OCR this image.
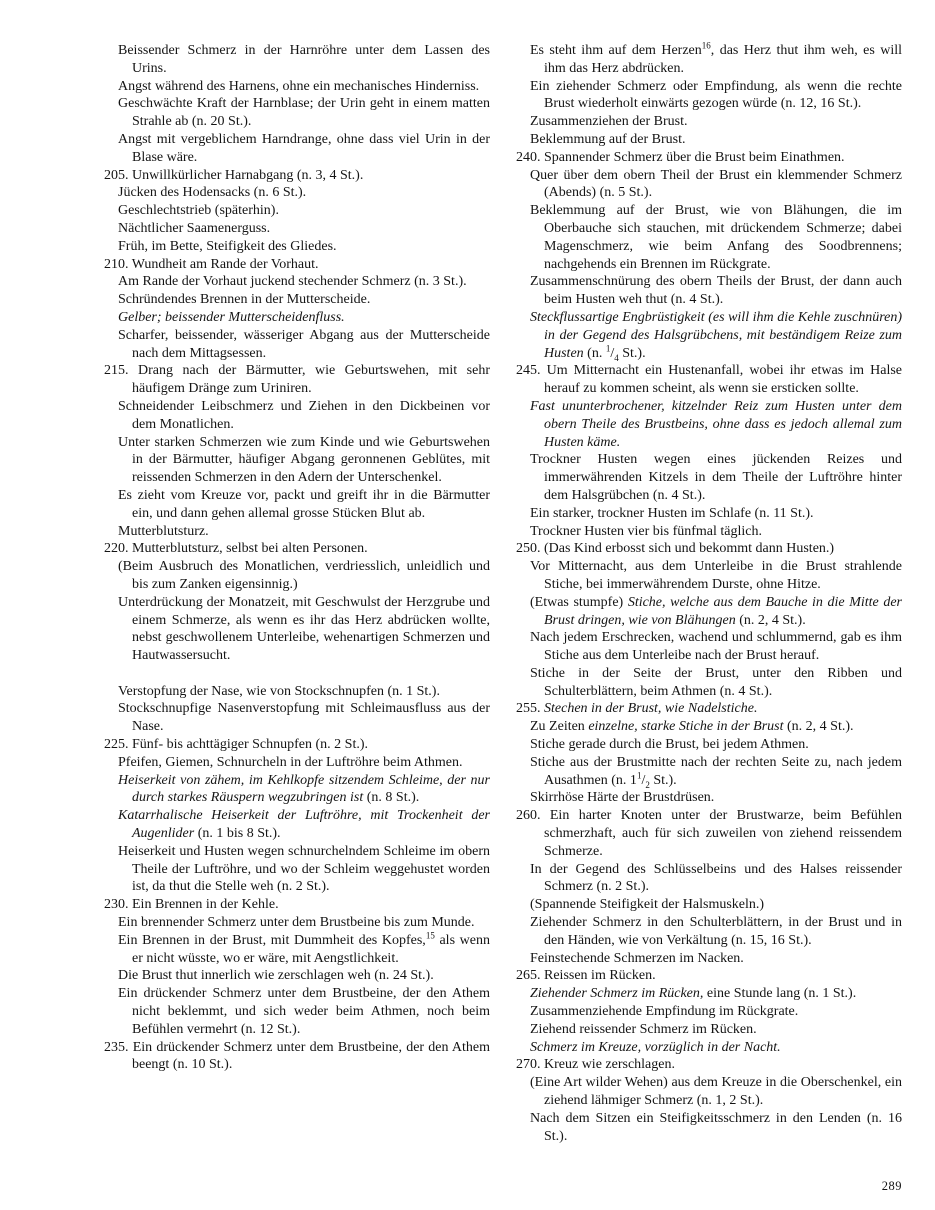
Beissender Schmerz in der Harnröhre unter dem Lassen des Urins.

Angst während des Harnens, ohne ein mechanisches Hinderniss.

Geschwächte Kraft der Harnblase; der Urin geht in einem matten Strahle ab (n. 20 St.).

Angst mit vergeblichem Harndrange, ohne dass viel Urin in der Blase wäre.

205. Unwillkürlicher Harnabgang (n. 3, 4 St.).

Jücken des Hodensacks (n. 6 St.).

Geschlechtstrieb (späterhin).

Nächtlicher Saamenerguss.

Früh, im Bette, Steifigkeit des Gliedes.

210. Wundheit am Rande der Vorhaut.

Am Rande der Vorhaut juckend stechender Schmerz (n. 3 St.).

Schründendes Brennen in der Mutterscheide.

Gelber; beissender Mutterscheidenfluss.

Scharfer, beissender, wässeriger Abgang aus der Mutterscheide nach dem Mittagsessen.

215. Drang nach der Bärmutter, wie Geburtswehen, mit sehr häufigem Dränge zum Uriniren.

Schneidender Leibschmerz und Ziehen in den Dickbeinen vor dem Monatlichen.

Unter starken Schmerzen wie zum Kinde und wie Geburtswehen in der Bärmutter, häufiger Abgang geronnenen Geblütes, mit reissenden Schmerzen in den Adern der Unterschenkel.

Es zieht vom Kreuze vor, packt und greift ihr in die Bärmutter ein, und dann gehen allemal grosse Stücken Blut ab.

Mutterblutsturz.

220. Mutterblutsturz, selbst bei alten Personen.

(Beim Ausbruch des Monatlichen, verdriesslich, unleidlich und bis zum Zanken eigensinnig.)

Unterdrückung der Monatzeit, mit Geschwulst der Herzgrube und einem Schmerze, als wenn es ihr das Herz abdrücken wollte, nebst geschwollenem Unterleibe, wehenartigen Schmerzen und Hautwassersucht.

Verstopfung der Nase, wie von Stockschnupfen (n. 1 St.).

Stockschnupfige Nasenverstopfung mit Schleimausfluss aus der Nase.

225. Fünf- bis achttägiger Schnupfen (n. 2 St.).

Pfeifen, Giemen, Schnurcheln in der Luftröhre beim Athmen.

Heiserkeit von zähem, im Kehlkopfe sitzendem Schleime, der nur durch starkes Räuspern wegzubringen ist (n. 8 St.).

Katarrhalische Heiserkeit der Luftröhre, mit Trockenheit der Augenlider (n. 1 bis 8 St.).

Heiserkeit und Husten wegen schnurchelndem Schleime im obern Theile der Luftröhre, und wo der Schleim weggehustet worden ist, da thut die Stelle weh (n. 2 St.).

230. Ein Brennen in der Kehle.

Ein brennender Schmerz unter dem Brustbeine bis zum Munde.

Ein Brennen in der Brust, mit Dummheit des Kopfes,$^{15}$ als wenn er nicht wüsste, wo er wäre, mit Aengstlichkeit.

Die Brust thut innerlich wie zerschlagen weh (n. 24 St.).

Ein drückender Schmerz unter dem Brustbeine, der den Athem nicht beklemmt, und sich weder beim Athmen, noch beim Befühlen vermehrt (n. 12 St.).

235. Ein drückender Schmerz unter dem Brustbeine, der den Athem beengt (n. 10 St.).

Es steht ihm auf dem Herzen$^{16}$, das Herz thut ihm weh, es will ihm das Herz abdrücken.

Ein ziehender Schmerz oder Empfindung, als wenn die rechte Brust wiederholt einwärts gezogen würde (n. 12, 16 St.).

Zusammenziehen der Brust.

Beklemmung auf der Brust.

240. Spannender Schmerz über die Brust beim Einathmen.

Quer über dem obern Theil der Brust ein klemmender Schmerz (Abends) (n. 5 St.).

Beklemmung auf der Brust, wie von Blähungen, die im Oberbauche sich stauchen, mit drückendem Schmerze; dabei Magenschmerz, wie beim Anfang des Soodbrennens; nachgehends ein Brennen im Rückgrate.

Zusammenschnürung des obern Theils der Brust, der dann auch beim Husten weh thut (n. 4 St.).

Steckflussartige Engbrüstigkeit (es will ihm die Kehle zuschnüren) in der Gegend des Halsgrübchens, mit beständigem Reize zum Husten (n. $^1/_4$ St.).

245. Um Mitternacht ein Hustenanfall, wobei ihr etwas im Halse herauf zu kommen scheint, als wenn sie ersticken sollte.

Fast ununterbrochener, kitzelnder Reiz zum Husten unter dem obern Theile des Brustbeins, ohne dass es jedoch allemal zum Husten käme.

Trockner Husten wegen eines jückenden Reizes und immerwährenden Kitzels in dem Theile der Luftröhre hinter dem Halsgrübchen (n. 4 St.).

Ein starker, trockner Husten im Schlafe (n. 11 St.).

Trockner Husten vier bis fünfmal täglich.

250. (Das Kind erbosst sich und bekommt dann Husten.)

Vor Mitternacht, aus dem Unterleibe in die Brust strahlende Stiche, bei immerwährendem Durste, ohne Hitze.

(Etwas stumpfe) Stiche, welche aus dem Bauche in die Mitte der Brust dringen, wie von Blähungen (n. 2, 4 St.).

Nach jedem Erschrecken, wachend und schlummernd, gab es ihm Stiche aus dem Unterleibe nach der Brust herauf.

Stiche in der Seite der Brust, unter den Ribben und Schulterblättern, beim Athmen (n. 4 St.).

255. Stechen in der Brust, wie Nadelstiche.

Zu Zeiten einzelne, starke Stiche in der Brust (n. 2, 4 St.).

Stiche gerade durch die Brust, bei jedem Athmen.

Stiche aus der Brustmitte nach der rechten Seite zu, nach jedem Ausathmen (n. $1^1/_2$ St.).

Skirrhöse Härte der Brustdrüsen.

260. Ein harter Knoten unter der Brustwarze, beim Befühlen schmerzhaft, auch für sich zuweilen von ziehend reissendem Schmerze.

In der Gegend des Schlüsselbeins und des Halses reissender Schmerz (n. 2 St.).

(Spannende Steifigkeit der Halsmuskeln.)

Ziehender Schmerz in den Schulterblättern, in der Brust und in den Händen, wie von Verkältung (n. 15, 16 St.).

Feinstechende Schmerzen im Nacken.

265. Reissen im Rücken.

Ziehender Schmerz im Rücken, eine Stunde lang (n. 1 St.).

Zusammenziehende Empfindung im Rückgrate.

Ziehend reissender Schmerz im Rücken.

Schmerz im Kreuze, vorzüglich in der Nacht.

270. Kreuz wie zerschlagen.

(Eine Art wilder Wehen) aus dem Kreuze in die Oberschenkel, ein ziehend lähmiger Schmerz (n. 1, 2 St.).

Nach dem Sitzen ein Steifigkeitsschmerz in den Lenden (n. 16 St.).

289
